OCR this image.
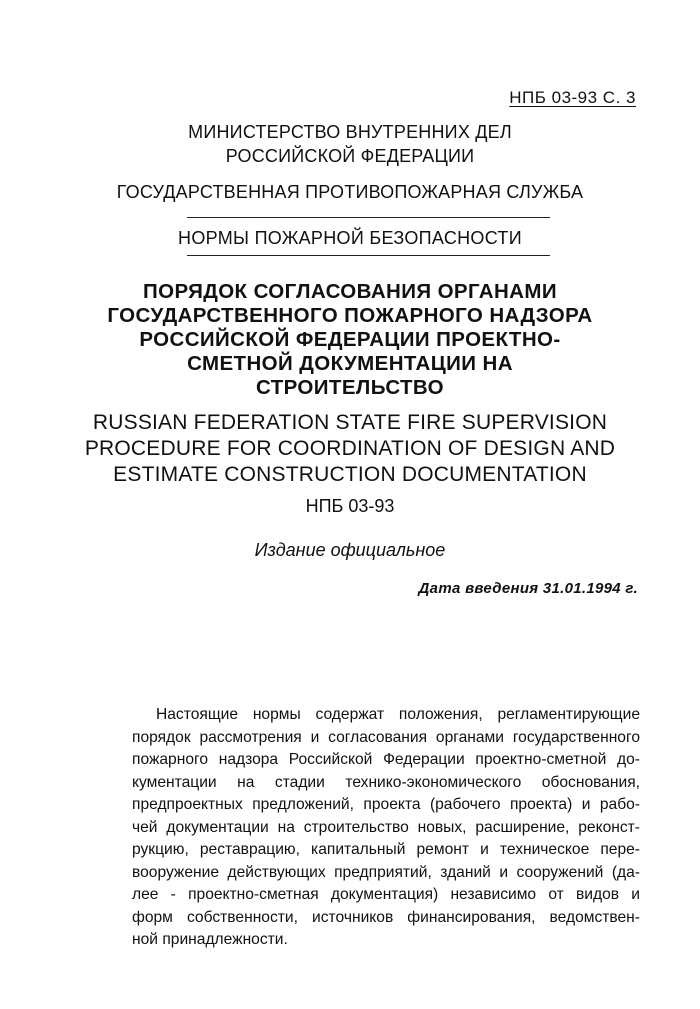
НПБ 03-93 С. 3
МИНИСТЕРСТВО ВНУТРЕННИХ ДЕЛ
РОССИЙСКОЙ ФЕДЕРАЦИИ
ГОСУДАРСТВЕННАЯ ПРОТИВОПОЖАРНАЯ СЛУЖБА
НОРМЫ ПОЖАРНОЙ БЕЗОПАСНОСТИ
ПОРЯДОК СОГЛАСОВАНИЯ ОРГАНАМИ
ГОСУДАРСТВЕННОГО ПОЖАРНОГО НАДЗОРА
РОССИЙСКОЙ ФЕДЕРАЦИИ ПРОЕКТНО-
СМЕТНОЙ ДОКУМЕНТАЦИИ НА
СТРОИТЕЛЬСТВО
RUSSIAN FEDERATION STATE FIRE SUPERVISION
PROCEDURE FOR COORDINATION OF DESIGN AND
ESTIMATE CONSTRUCTION DOCUMENTATION
НПБ 03-93
Издание официальное
Дата введения 31.01.1994 г.
Настоящие нормы содержат положения, регламентирующие
порядок рассмотрения и согласования органами государственного
пожарного надзора Российской Федерации проектно-сметной до-
кументации на стадии технико-экономического обоснования,
предпроектных предложений, проекта (рабочего проекта) и рабо-
чей документации на строительство новых, расширение, реконст-
рукцию, реставрацию, капитальный ремонт и техническое пере-
вооружение действующих предприятий, зданий и сооружений (да-
лее - проектно-сметная документация) независимо от видов и
форм собственности, источников финансирования, ведомствен-
ной принадлежности.
